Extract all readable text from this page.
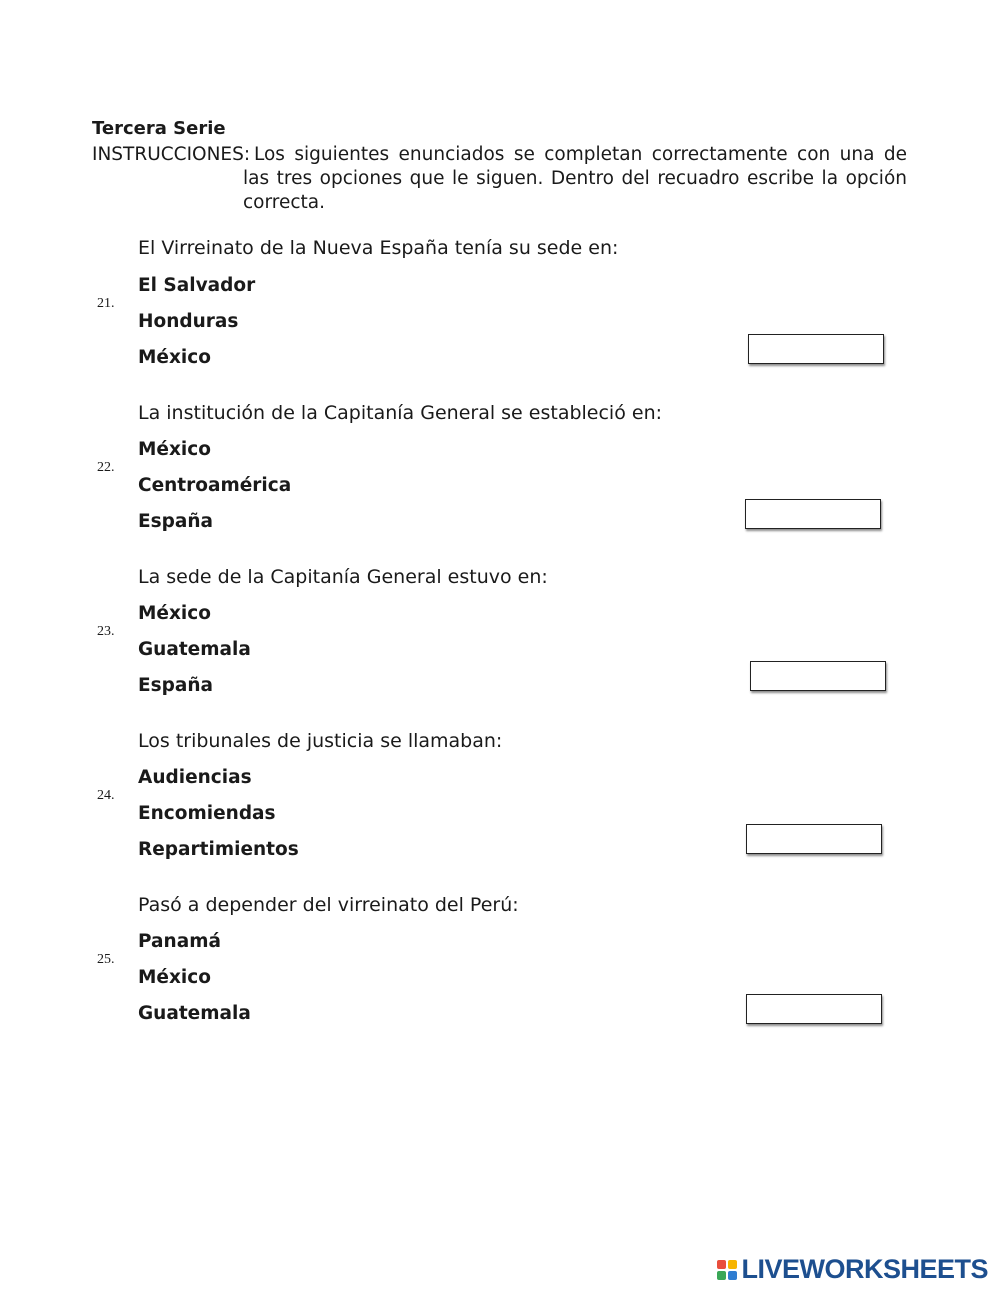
Tercera Serie
INSTRUCCIONES: Los siguientes enunciados se completan correctamente con una de las tres opciones que le siguen. Dentro del recuadro escribe la opción correcta.
El Virreinato de la Nueva España tenía su sede en:
21.
El Salvador
Honduras
México
La institución de la Capitanía General se estableció en:
22.
México
Centroamérica
España
La sede de la Capitanía General estuvo en:
23.
México
Guatemala
España
Los tribunales de justicia se llamaban:
24.
Audiencias
Encomiendas
Repartimientos
Pasó a depender del virreinato del Perú:
25.
Panamá
México
Guatemala
LIVEWORKSHEETS
